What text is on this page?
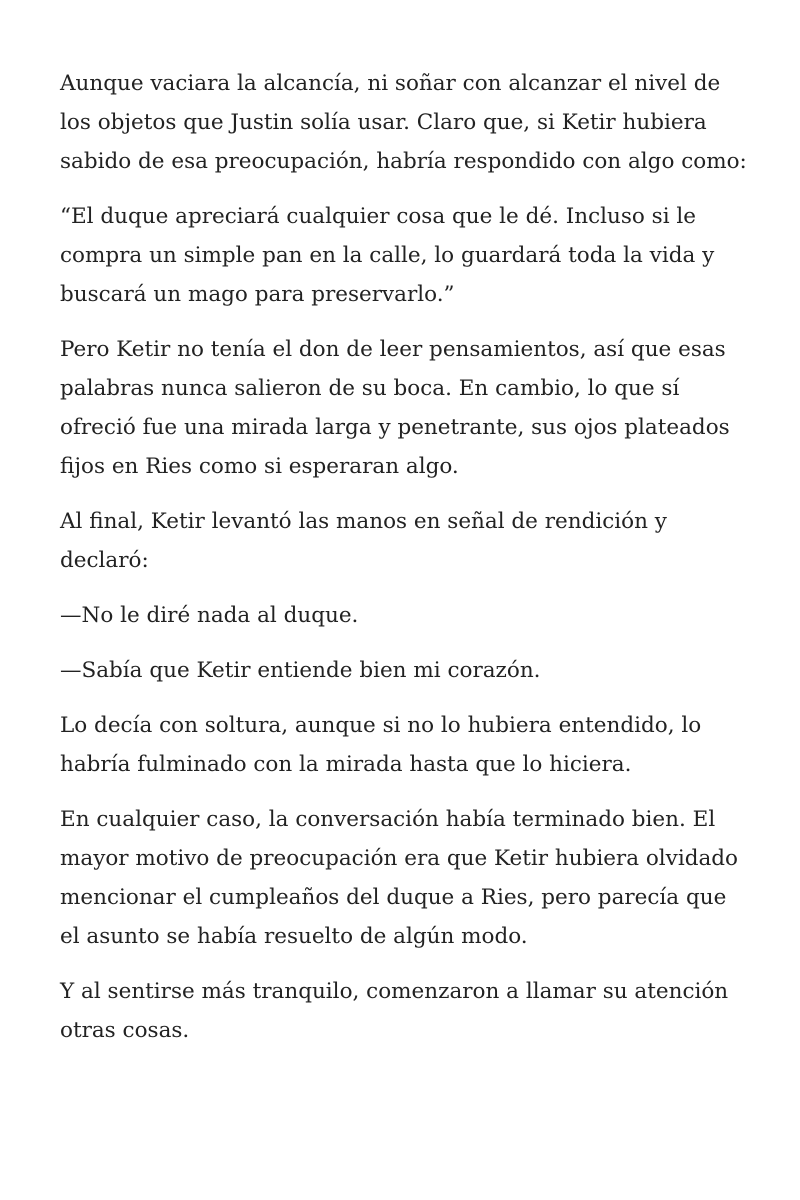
Aunque vaciara la alcancía, ni soñar con alcanzar el nivel de los objetos que Justin solía usar. Claro que, si Ketir hubiera sabido de esa preocupación, habría respondido con algo como:

“El duque apreciará cualquier cosa que le dé. Incluso si le compra un simple pan en la calle, lo guardará toda la vida y buscará un mago para preservarlo.”

Pero Ketir no tenía el don de leer pensamientos, así que esas palabras nunca salieron de su boca. En cambio, lo que sí ofreció fue una mirada larga y penetrante, sus ojos plateados fijos en Ries como si esperaran algo.

Al final, Ketir levantó las manos en señal de rendición y declaró:

—No le diré nada al duque.

—Sabía que Ketir entiende bien mi corazón.

Lo decía con soltura, aunque si no lo hubiera entendido, lo habría fulminado con la mirada hasta que lo hiciera.

En cualquier caso, la conversación había terminado bien. El mayor motivo de preocupación era que Ketir hubiera olvidado mencionar el cumpleaños del duque a Ries, pero parecía que el asunto se había resuelto de algún modo.

Y al sentirse más tranquilo, comenzaron a llamar su atención otras cosas.
